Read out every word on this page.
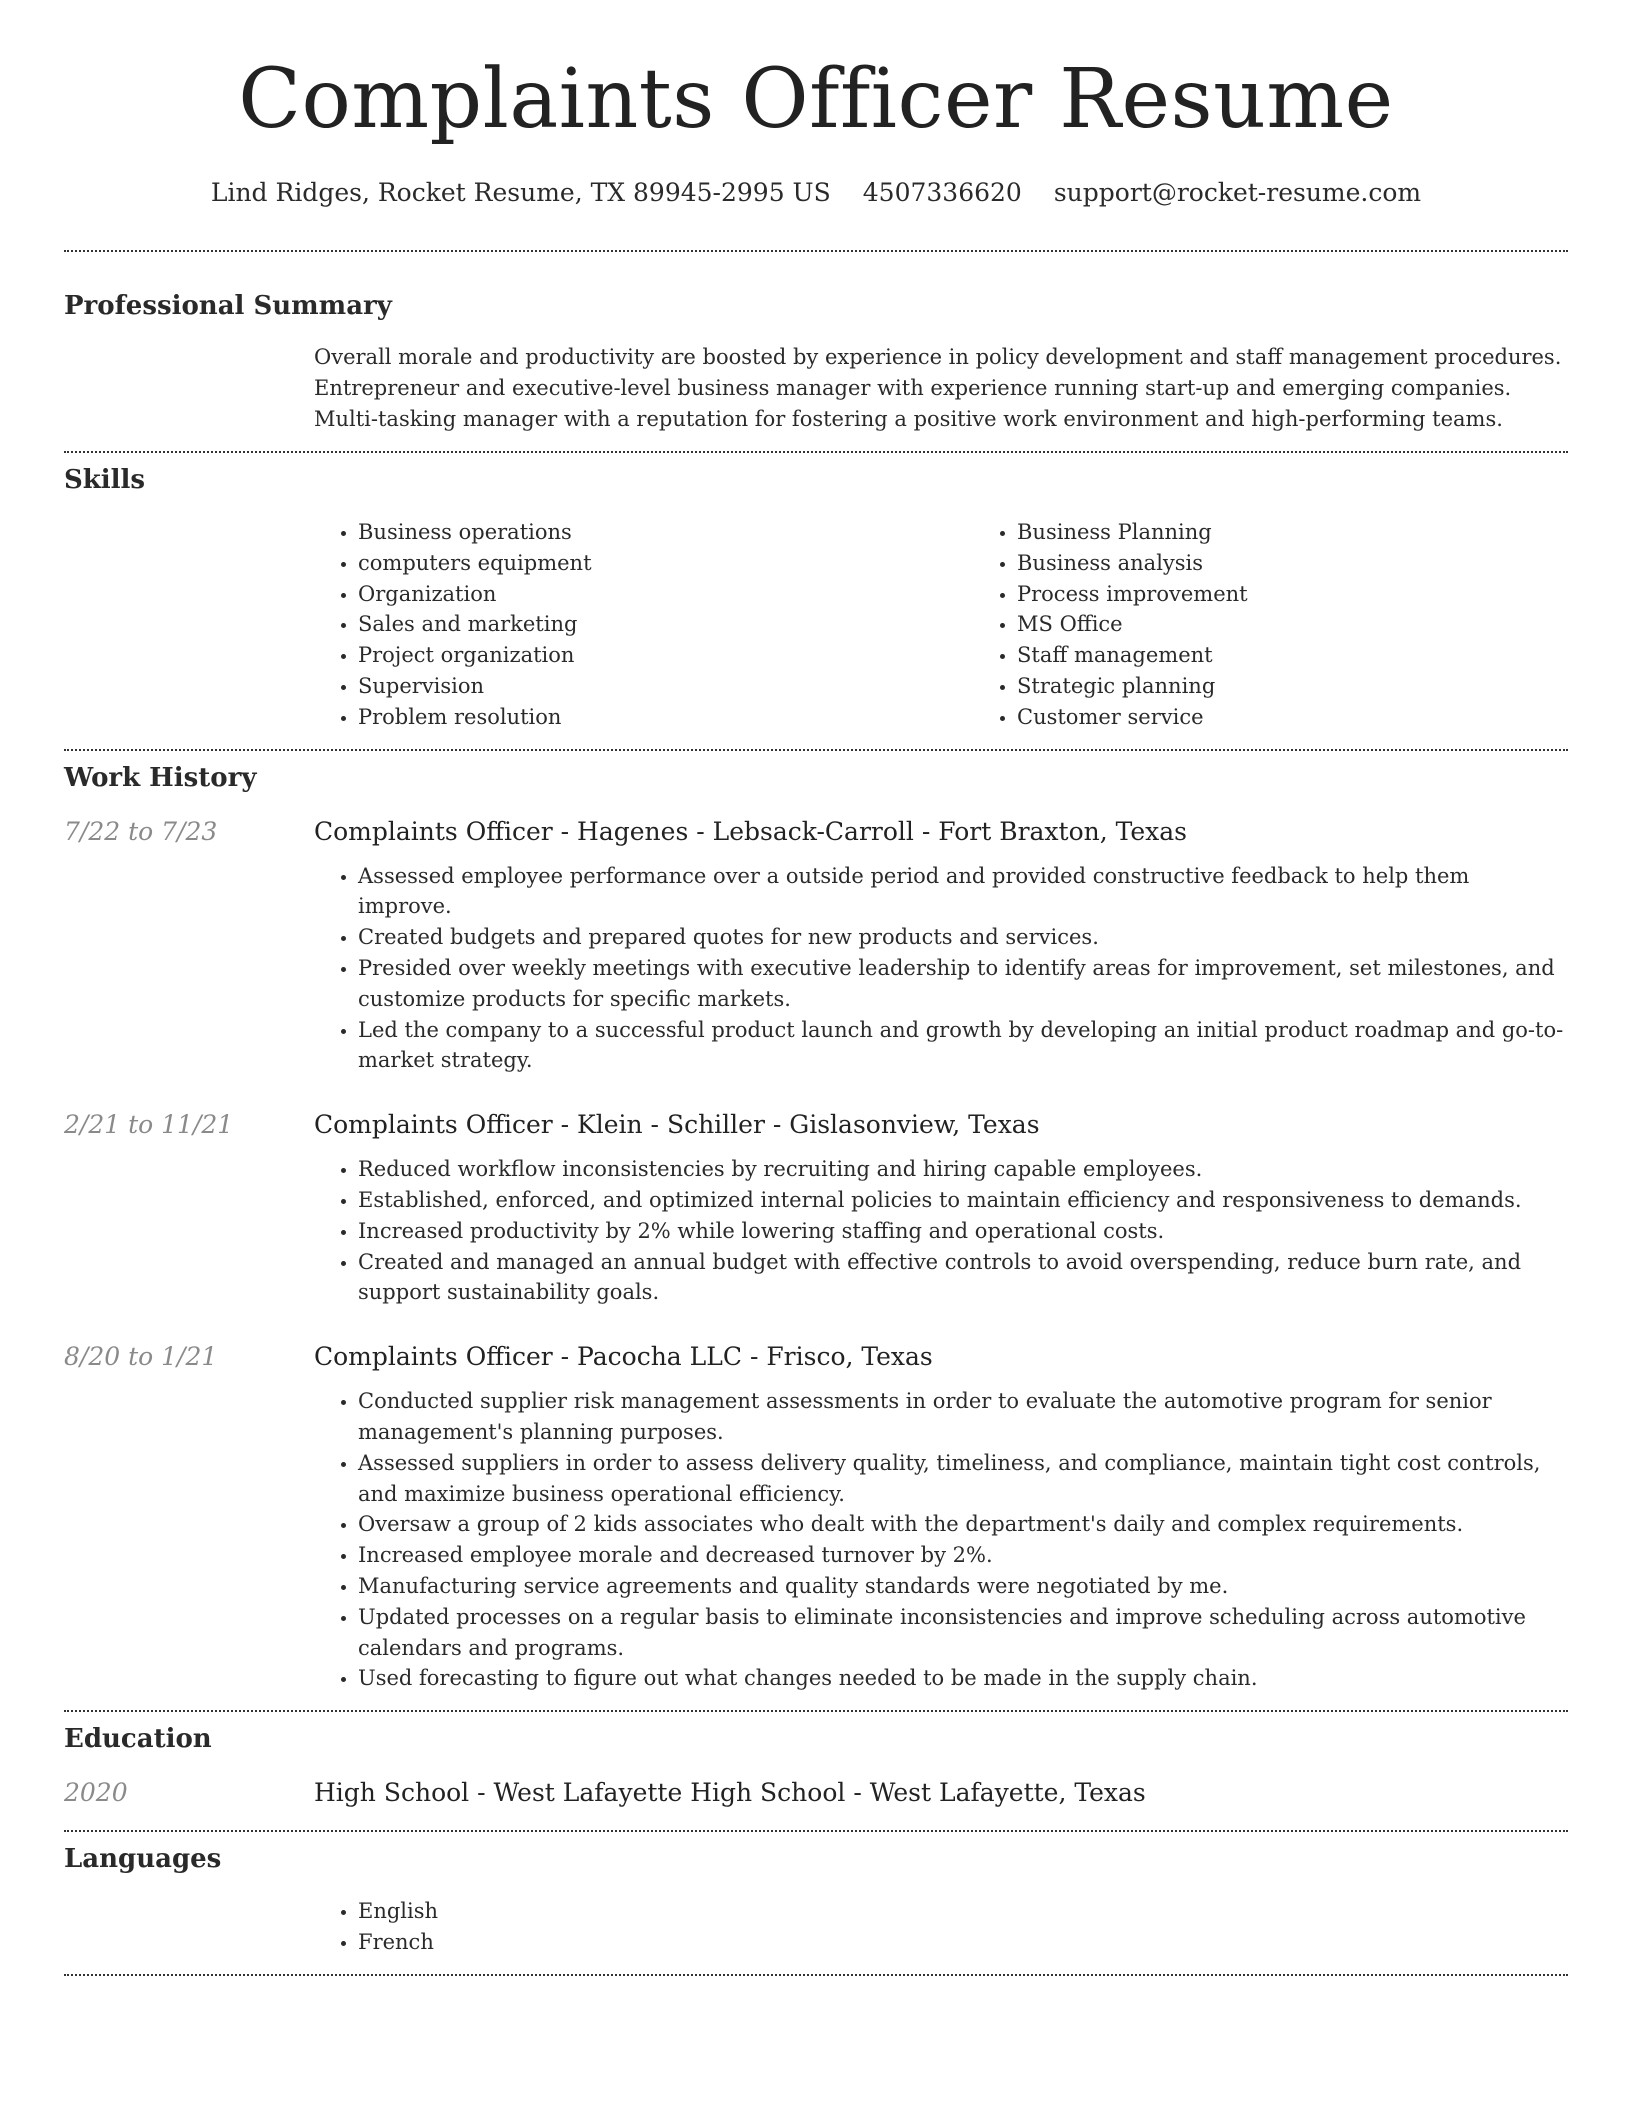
Complaints Officer Resume
Lind Ridges, Rocket Resume, TX 89945-2995 US 4507336620 support@rocket-resume.com
Professional Summary

Overall morale and productivity are boosted by experience in policy development and staff management procedures. Entrepreneur and executive-level business manager with experience running start-up and emerging companies. Multi-tasking manager with a reputation for fostering a positive work environment and high-performing teams.

Skills
• Business operations
• computers equipment
• Organization
• Sales and marketing
• Project organization
• Supervision
• Problem resolution
• Business Planning
• Business analysis
• Process improvement
• MS Office
• Staff management
• Strategic planning
• Customer service
Work History
7/22 to 7/23	Complaints Officer - Hagenes - Lebsack-Carroll - Fort Braxton, Texas
• Assessed employee performance over a outside period and provided constructive feedback to help them improve.
• Created budgets and prepared quotes for new products and services.
• Presided over weekly meetings with executive leadership to identify areas for improvement, set milestones, and customize products for specific markets.
• Led the company to a successful product launch and growth by developing an initial product roadmap and go-to-market strategy.
2/21 to 11/21	Complaints Officer - Klein - Schiller - Gislasonview, Texas
• Reduced workflow inconsistencies by recruiting and hiring capable employees.
• Established, enforced, and optimized internal policies to maintain efficiency and responsiveness to demands.
• Increased productivity by 2% while lowering staffing and operational costs.
• Created and managed an annual budget with effective controls to avoid overspending, reduce burn rate, and support sustainability goals.
8/20 to 1/21	Complaints Officer - Pacocha LLC - Frisco, Texas
• Conducted supplier risk management assessments in order to evaluate the automotive program for senior management's planning purposes.
• Assessed suppliers in order to assess delivery quality, timeliness, and compliance, maintain tight cost controls, and maximize business operational efficiency.
• Oversaw a group of 2 kids associates who dealt with the department's daily and complex requirements.
• Increased employee morale and decreased turnover by 2%.
• Manufacturing service agreements and quality standards were negotiated by me.
• Updated processes on a regular basis to eliminate inconsistencies and improve scheduling across automotive calendars and programs.
• Used forecasting to figure out what changes needed to be made in the supply chain.
Education
2020	High School - West Lafayette High School - West Lafayette, Texas
Languages
• English
• French
